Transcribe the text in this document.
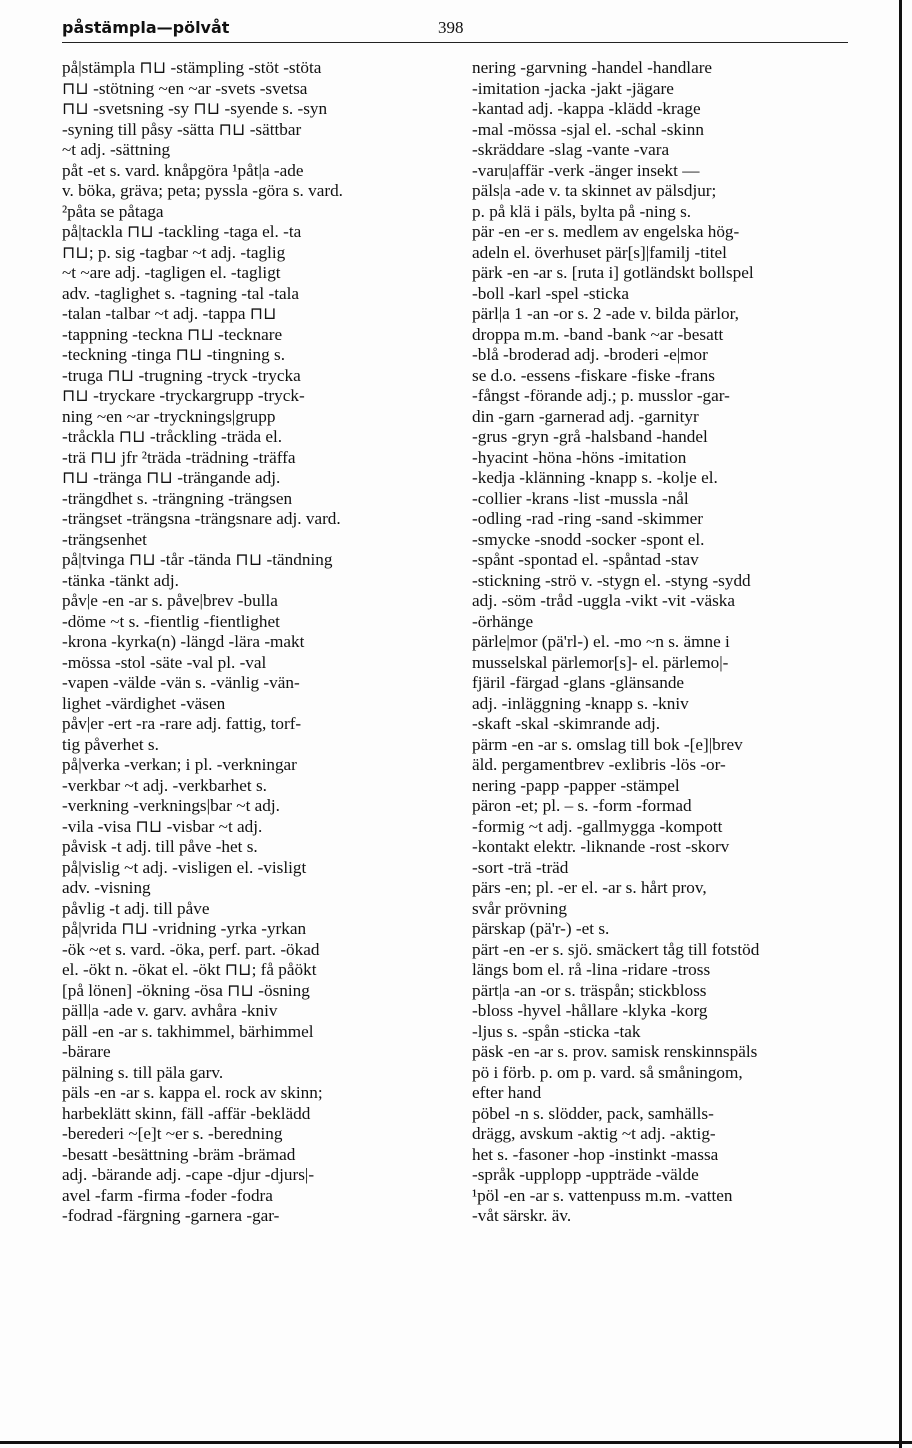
påstämpla—pölvåt	398
på|stämpla ⊓⊔ -stämpling -stöt -stöta
⊓⊔ -stötning ~en ~ar -svets -svetsa
⊓⊔ -svetsning -sy ⊓⊔ -syende s. -syn
-syning till påsy -sätta ⊓⊔ -sättbar
~t adj. -sättning
påt -et s. vard. knåpgöra ¹påt|a -ade
v. böka, gräva; peta; pyssla -göra s. vard.
²påta se påtaga
på|tackla ⊓⊔ -tackling -taga el. -ta
⊓⊔; p. sig -tagbar ~t adj. -taglig
~t ~are adj. -tagligen el. -tagligt
adv. -taglighet s. -tagning -tal -tala
-talan -talbar ~t adj. -tappa ⊓⊔
-tappning -teckna ⊓⊔ -tecknare
-teckning -tinga ⊓⊔ -tingning s.
-truga ⊓⊔ -trugning -tryck -trycka
⊓⊔ -tryckare -tryckargrupp -tryck-
ning ~en ~ar -trycknings|grupp
-tråckla ⊓⊔ -tråckling -träda el.
-trä ⊓⊔ jfr ²träda -trädning -träffa
⊓⊔ -tränga ⊓⊔ -trängande adj.
-trängdhet s. -trängning -trängsen
-trängset -trängsna -trängsnare adj. vard.
-trängsenhet
på|tvinga ⊓⊔ -tår -tända ⊓⊔ -tändning
-tänka -tänkt adj.
påv|e -en -ar s. påve|brev -bulla
-döme ~t s. -fientlig -fientlighet
-krona -kyrka(n) -längd -lära -makt
-mössa -stol -säte -val pl. -val
-vapen -välde -vän s. -vänlig -vän-
lighet -värdighet -väsen
påv|er -ert -ra -rare adj. fattig, torf-
tig påverhet s.
på|verka -verkan; i pl. -verkningar
-verkbar ~t adj. -verkbarhet s.
-verkning -verknings|bar ~t adj.
-vila -visa ⊓⊔ -visbar ~t adj.
påvisk -t adj. till påve -het s.
på|vislig ~t adj. -visligen el. -visligt
adv. -visning
påvlig -t adj. till påve
på|vrida ⊓⊔ -vridning -yrka -yrkan
-ök ~et s. vard. -öka, perf. part. -ökad
el. -ökt n. -ökat el. -ökt ⊓⊔; få påökt
[på lönen] -ökning -ösa ⊓⊔ -ösning
päll|a -ade v. garv. avhåra -kniv
päll -en -ar s. takhimmel, bärhimmel
-bärare
pälning s. till päla garv.
päls -en -ar s. kappa el. rock av skinn;
harbeklätt skinn, fäll -affär -beklädd
-berederi ~[e]t ~er s. -beredning
-besatt -besättning -bräm -brämad
adj. -bärande adj. -cape -djur -djurs|-
avel -farm -firma -foder -fodra
-fodrad -färgning -garnera -gar-
nering -garvning -handel -handlare
-imitation -jacka -jakt -jägare
-kantad adj. -kappa -klädd -krage
-mal -mössa -sjal el. -schal -skinn
-skräddare -slag -vante -vara
-varu|affär -verk -änger insekt —
päls|a -ade v. ta skinnet av pälsdjur;
p. på klä i päls, bylta på -ning s.
pär -en -er s. medlem av engelska hög-
adeln el. överhuset pär[s]|familj -titel
pärk -en -ar s. [ruta i] gotländskt bollspel
-boll -karl -spel -sticka
pärl|a 1 -an -or s. 2 -ade v. bilda pärlor,
droppa m.m. -band -bank ~ar -besatt
-blå -broderad adj. -broderi -e|mor
se d.o. -essens -fiskare -fiske -frans
-fångst -förande adj.; p. musslor -gar-
din -garn -garnerad adj. -garnityr
-grus -gryn -grå -halsband -handel
-hyacint -höna -höns -imitation
-kedja -klänning -knapp s. -kolje el.
-collier -krans -list -mussla -nål
-odling -rad -ring -sand -skimmer
-smycke -snodd -socker -spont el.
-spånt -spontad el. -spåntad -stav
-stickning -strö v. -stygn el. -styng -sydd
adj. -söm -tråd -uggla -vikt -vit -väska
-örhänge
pärle|mor (pä'rl-) el. -mo ~n s. ämne i
musselskal pärlemor[s]- el. pärlemo|-
fjäril -färgad -glans -glänsande
adj. -inläggning -knapp s. -kniv
-skaft -skal -skimrande adj.
pärm -en -ar s. omslag till bok -[e]|brev
äld. pergamentbrev -exlibris -lös -or-
nering -papp -papper -stämpel
päron -et; pl. – s. -form -formad
-formig ~t adj. -gallmygga -kompott
-kontakt elektr. -liknande -rost -skorv
-sort -trä -träd
pärs -en; pl. -er el. -ar s. hårt prov,
svår prövning
pärskap (pä'r-) -et s.
pärt -en -er s. sjö. smäckert tåg till fotstöd
längs bom el. rå -lina -ridare -tross
pärt|a -an -or s. träspån; stickbloss
-bloss -hyvel -hållare -klyka -korg
-ljus s. -spån -sticka -tak
päsk -en -ar s. prov. samisk renskinnspäls
pö i förb. p. om p. vard. så småningom,
efter hand
pöbel -n s. slödder, pack, samhälls-
drägg, avskum -aktig ~t adj. -aktig-
het s. -fasoner -hop -instinkt -massa
-språk -upplopp -uppträde -välde
¹pöl -en -ar s. vattenpuss m.m. -vatten
-våt särskr. äv.
